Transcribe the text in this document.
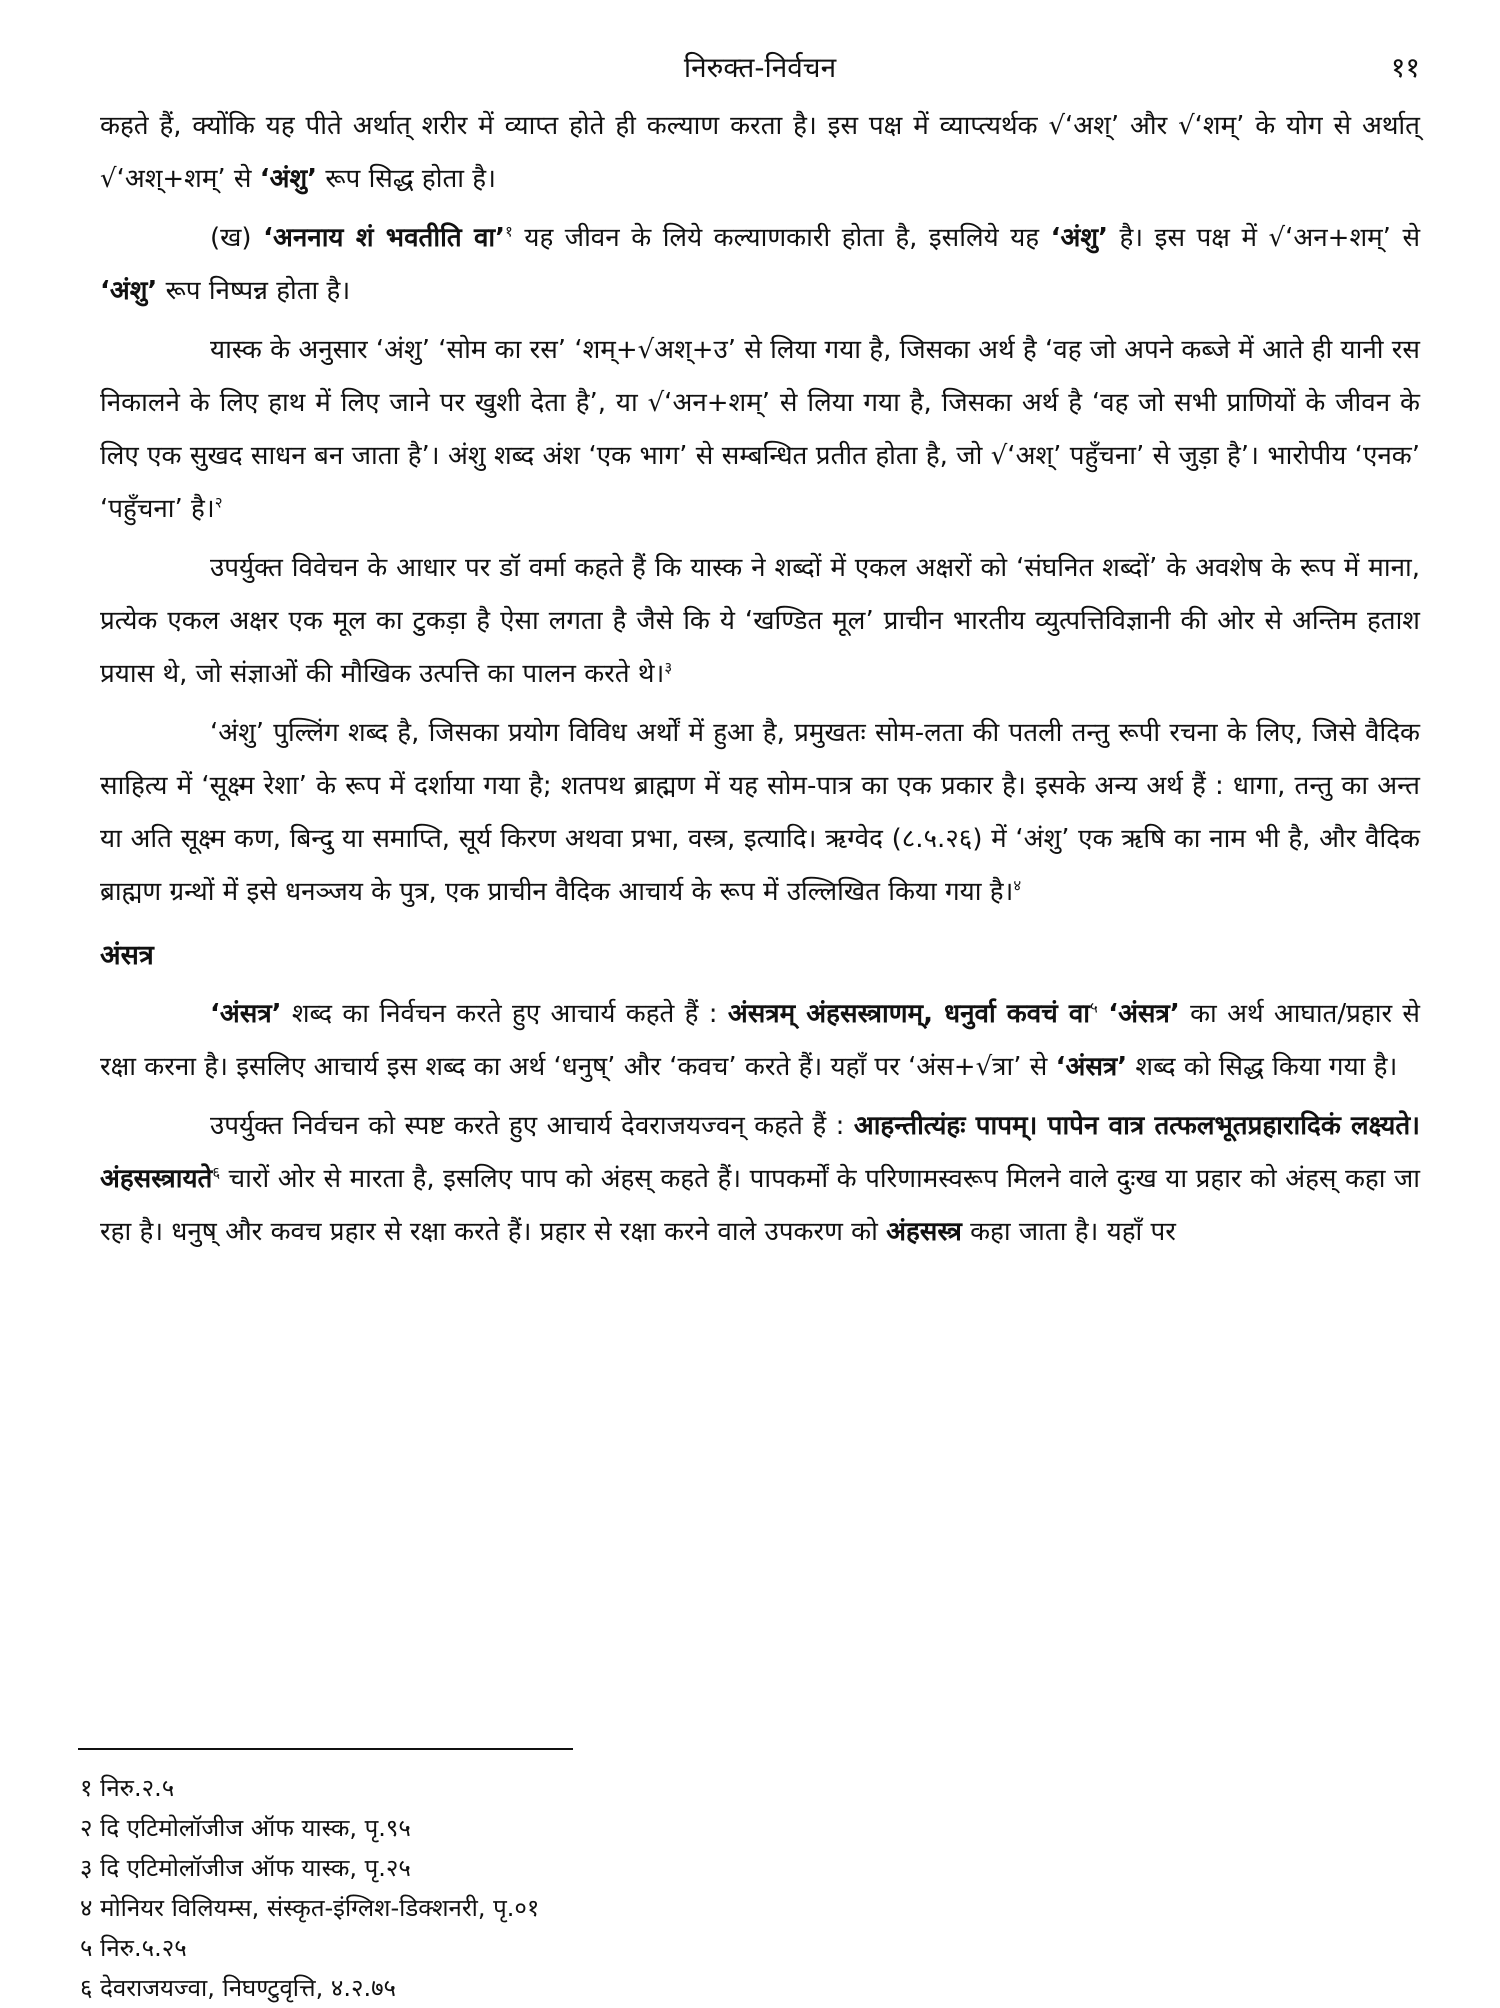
निरुक्त-निर्वचन	११

कहते हैं, क्योंकि यह पीते अर्थात् शरीर में व्याप्त होते ही कल्याण करता है। इस पक्ष में व्याप्त्यर्थक √‘अश्’ और √‘शम्’ के योग से अर्थात् √‘अश्+शम्’ से ‘अंशु’ रूप सिद्ध होता है।

(ख) ‘अननाय शं भवतीति वा’$^१$ यह जीवन के लिये कल्याणकारी होता है, इसलिये यह ‘अंशु’ है। इस पक्ष में √‘अन+शम्’ से ‘अंशु’ रूप निष्पन्न होता है।

यास्क के अनुसार ‘अंशु’ ‘सोम का रस’ ‘शम्+√अश्+उ’ से लिया गया है, जिसका अर्थ है ‘वह जो अपने कब्जे में आते ही यानी रस निकालने के लिए हाथ में लिए जाने पर खुशी देता है’, या √‘अन+शम्’ से लिया गया है, जिसका अर्थ है ‘वह जो सभी प्राणियों के जीवन के लिए एक सुखद साधन बन जाता है’। अंशु शब्द अंश ‘एक भाग’ से सम्बन्धित प्रतीत होता है, जो √‘अश्’ पहुँचना’ से जुड़ा है’। भारोपीय ‘एनक’ ‘पहुँचना’ है।$^२$

उपर्युक्त विवेचन के आधार पर डॉ वर्मा कहते हैं कि यास्क ने शब्दों में एकल अक्षरों को ‘संघनित शब्दों’ के अवशेष के रूप में माना, प्रत्येक एकल अक्षर एक मूल का टुकड़ा है ऐसा लगता है जैसे कि ये ‘खण्डित मूल’ प्राचीन भारतीय व्युत्पत्तिविज्ञानी की ओर से अन्तिम हताश प्रयास थे, जो संज्ञाओं की मौखिक उत्पत्ति का पालन करते थे।$^३$

‘अंशु’ पुल्लिंग शब्द है, जिसका प्रयोग विविध अर्थों में हुआ है, प्रमुखतः सोम-लता की पतली तन्तु रूपी रचना के लिए, जिसे वैदिक साहित्य में ‘सूक्ष्म रेशा’ के रूप में दर्शाया गया है; शतपथ ब्राह्मण में यह सोम-पात्र का एक प्रकार है। इसके अन्य अर्थ हैं : धागा, तन्तु का अन्त या अति सूक्ष्म कण, बिन्दु या समाप्ति, सूर्य किरण अथवा प्रभा, वस्त्र, इत्यादि। ऋग्वेद (८.५.२६) में ‘अंशु’ एक ऋषि का नाम भी है, और वैदिक ब्राह्मण ग्रन्थों में इसे धनञ्जय के पुत्र, एक प्राचीन वैदिक आचार्य के रूप में उल्लिखित किया गया है।$^४$

अंसत्र

‘अंसत्र’ शब्द का निर्वचन करते हुए आचार्य कहते हैं : अंसत्रम् अंहसस्त्राणम्, धनुर्वा कवचं वा$^५$ ‘अंसत्र’ का अर्थ आघात/प्रहार से रक्षा करना है। इसलिए आचार्य इस शब्द का अर्थ ‘धनुष्’ और ‘कवच’ करते हैं। यहाँ पर ‘अंस+√त्रा’ से ‘अंसत्र’ शब्द को सिद्ध किया गया है।

उपर्युक्त निर्वचन को स्पष्ट करते हुए आचार्य देवराजयज्वन् कहते हैं : आहन्तीत्यंहः पापम्। पापेन वात्र तत्फलभूतप्रहारादिकं लक्ष्यते। अंहसस्त्रायते$^६$ चारों ओर से मारता है, इसलिए पाप को अंहस् कहते हैं। पापकर्मों के परिणामस्वरूप मिलने वाले दुःख या प्रहार को अंहस् कहा जा रहा है। धनुष् और कवच प्रहार से रक्षा करते हैं। प्रहार से रक्षा करने वाले उपकरण को अंहसस्त्र कहा जाता है। यहाँ पर

१ निरु.२.५
२ दि एटिमोलॉजीज ऑफ यास्क, पृ.९५
३ दि एटिमोलॉजीज ऑफ यास्क, पृ.२५
४ मोनियर विलियम्स, संस्कृत-इंग्लिश-डिक्शनरी, पृ.०१
५ निरु.५.२५
६ देवराजयज्वा, निघण्टुवृत्ति, ४.२.७५
